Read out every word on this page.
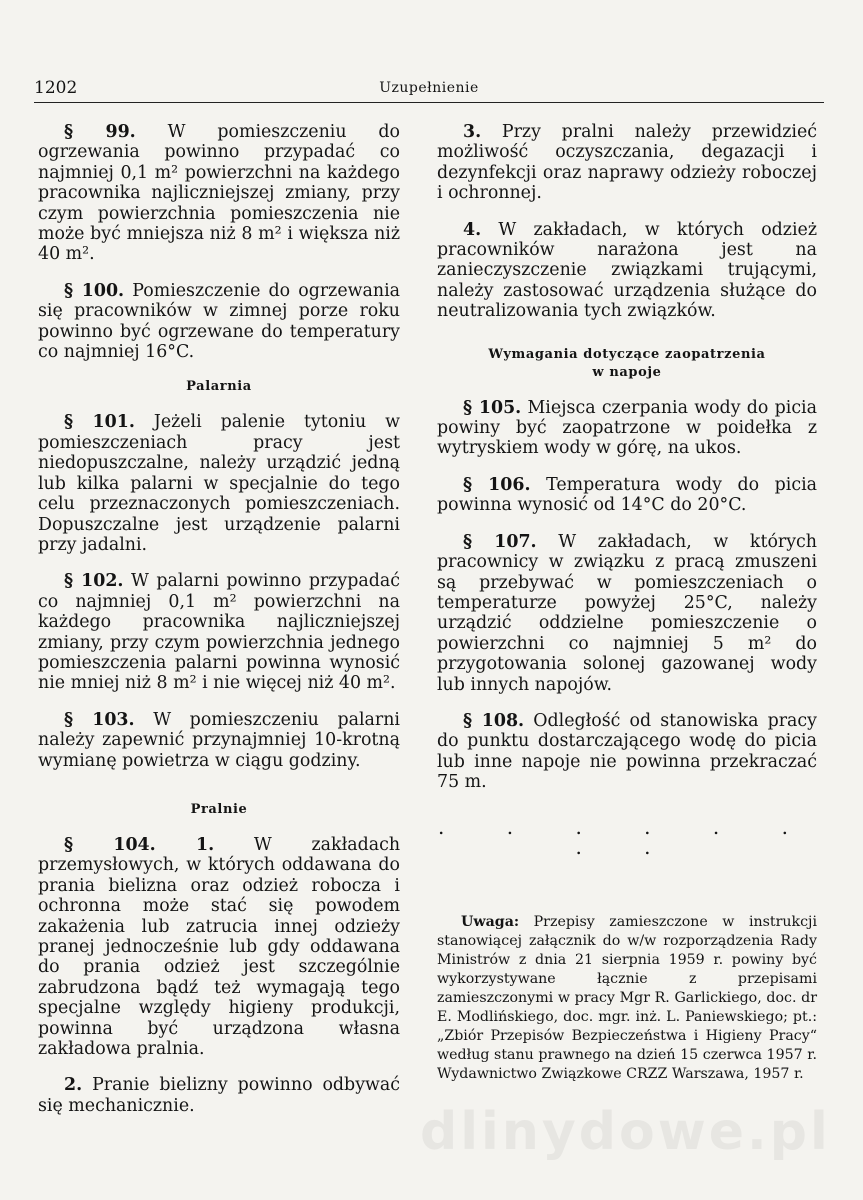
1202	Uzupełnienie

§ 99. W pomieszczeniu do ogrzewania powinno przypadać co najmniej 0,1 m² powierzchni na każdego pracownika najliczniejszej zmiany, przy czym powierzchnia pomieszczenia nie może być mniejsza niż 8 m² i większa niż 40 m².

§ 100. Pomieszczenie do ogrzewania się pracowników w zimnej porze roku powinno być ogrzewane do temperatury co najmniej 16°C.

Palarnia

§ 101. Jeżeli palenie tytoniu w pomieszczeniach pracy jest niedopuszczalne, należy urządzić jedną lub kilka palarni w specjalnie do tego celu przeznaczonych pomieszczeniach. Dopuszczalne jest urządzenie palarni przy jadalni.

§ 102. W palarni powinno przypadać co najmniej 0,1 m² powierzchni na każdego pracownika najliczniejszej zmiany, przy czym powierzchnia jednego pomieszczenia palarni powinna wynosić nie mniej niż 8 m² i nie więcej niż 40 m².

§ 103. W pomieszczeniu palarni należy zapewnić przynajmniej 10-krotną wymianę powietrza w ciągu godziny.

Pralnie

§ 104. 1. W zakładach przemysłowych, w których oddawana do prania bielizna oraz odzież robocza i ochronna może stać się powodem zakażenia lub zatrucia innej odzieży pranej jednocześnie lub gdy oddawana do prania odzież jest szczególnie zabrudzona bądź też wymagają tego specjalne względy higieny produkcji, powinna być urządzona własna zakładowa pralnia.

2. Pranie bielizny powinno odbywać się mechanicznie.

3. Przy pralni należy przewidzieć możliwość oczyszczania, degazacji i dezynfekcji oraz naprawy odzieży roboczej i ochronnej.

4. W zakładach, w których odzież pracowników narażona jest na zanieczyszczenie związkami trującymi, należy zastosować urządzenia służące do neutralizowania tych związków.

Wymagania dotyczące zaopatrzenia
w napoje

§ 105. Miejsca czerpania wody do picia powiny być zaopatrzone w poidełka z wytryskiem wody w górę, na ukos.

§ 106. Temperatura wody do picia powinna wynosić od 14°C do 20°C.

§ 107. W zakładach, w których pracownicy w związku z pracą zmuszeni są przebywać w pomieszczeniach o temperaturze powyżej 25°C, należy urządzić oddzielne pomieszczenie o powierzchni co najmniej 5 m² do przygotowania solonej gazowanej wody lub innych napojów.

§ 108. Odległość od stanowiska pracy do punktu dostarczającego wodę do picia lub inne napoje nie powinna przekraczać 75 m.

. . . . . . . .

Uwaga: Przepisy zamieszczone w instrukcji stanowiącej załącznik do w/w rozporządzenia Rady Ministrów z dnia 21 sierpnia 1959 r. powiny być wykorzystywane łącznie z przepisami zamieszczonymi w pracy Mgr R. Garlickiego, doc. dr E. Modlińskiego, doc. mgr. inż. L. Paniewskiego; pt.: „Zbiór Przepisów Bezpieczeństwa i Higieny Pracy“ według stanu prawnego na dzień 15 czerwca 1957 r. Wydawnictwo Związkowe CRZZ Warszawa, 1957 r.

dlinydowe.pl
